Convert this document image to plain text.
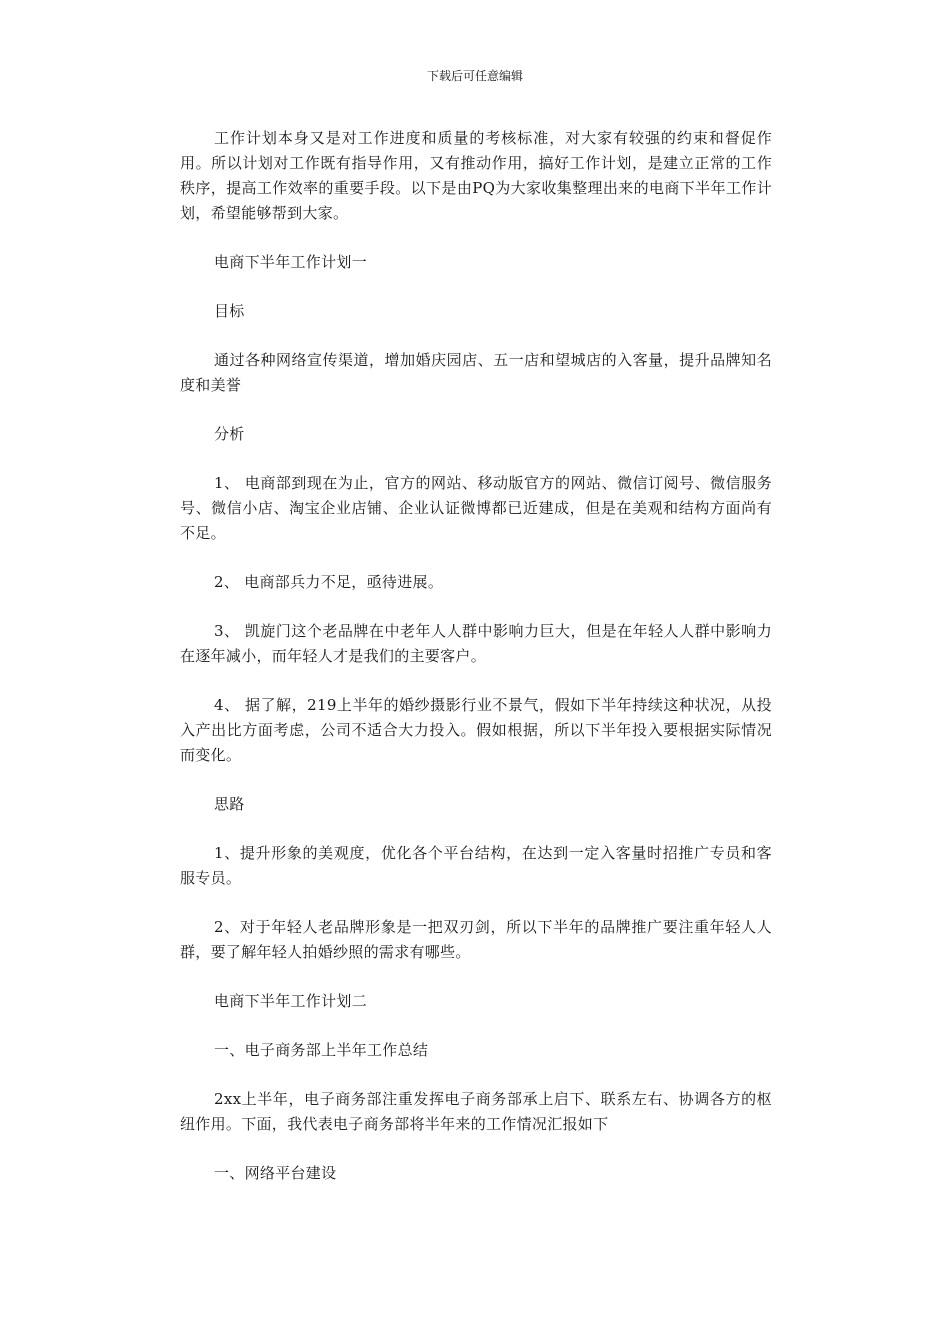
下载后可任意编辑

工作计划本身又是对工作进度和质量的考核标准，对大家有较强的约束和督促作用。所以计划对工作既有指导作用，又有推动作用，搞好工作计划，是建立正常的工作秩序，提高工作效率的重要手段。以下是由PQ为大家收集整理出来的电商下半年工作计划，希望能够帮到大家。

电商下半年工作计划一

目标

通过各种网络宣传渠道，增加婚庆园店、五一店和望城店的入客量，提升品牌知名度和美誉

分析

1、 电商部到现在为止，官方的网站、移动版官方的网站、微信订阅号、微信服务号、微信小店、淘宝企业店铺、企业认证微博都已近建成，但是在美观和结构方面尚有不足。

2、 电商部兵力不足，亟待进展。

3、 凯旋门这个老品牌在中老年人人群中影响力巨大，但是在年轻人人群中影响力在逐年减小，而年轻人才是我们的主要客户。

4、 据了解，219上半年的婚纱摄影行业不景气，假如下半年持续这种状况，从投入产出比方面考虑，公司不适合大力投入。假如根据，所以下半年投入要根据实际情况而变化。

思路

1、提升形象的美观度，优化各个平台结构，在达到一定入客量时招推广专员和客服专员。

2、对于年轻人老品牌形象是一把双刃剑，所以下半年的品牌推广要注重年轻人人群，要了解年轻人拍婚纱照的需求有哪些。

电商下半年工作计划二

一、电子商务部上半年工作总结

2xx上半年，电子商务部注重发挥电子商务部承上启下、联系左右、协调各方的枢纽作用。下面，我代表电子商务部将半年来的工作情况汇报如下

一、网络平台建设
